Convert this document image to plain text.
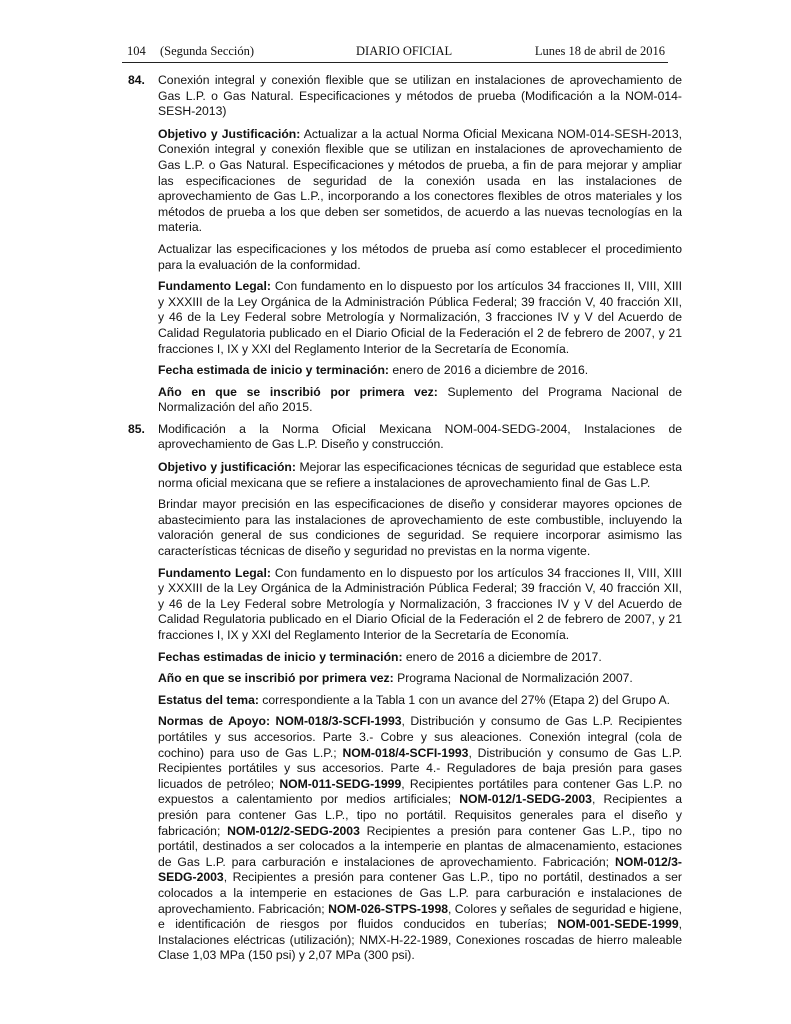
104 (Segunda Sección)	DIARIO OFICIAL	Lunes 18 de abril de 2016
84. Conexión integral y conexión flexible que se utilizan en instalaciones de aprovechamiento de Gas L.P. o Gas Natural. Especificaciones y métodos de prueba (Modificación a la NOM-014-SESH-2013)

Objetivo y Justificación: Actualizar a la actual Norma Oficial Mexicana NOM-014-SESH-2013, Conexión integral y conexión flexible que se utilizan en instalaciones de aprovechamiento de Gas L.P. o Gas Natural. Especificaciones y métodos de prueba, a fin de para mejorar y ampliar las especificaciones de seguridad de la conexión usada en las instalaciones de aprovechamiento de Gas L.P., incorporando a los conectores flexibles de otros materiales y los métodos de prueba a los que deben ser sometidos, de acuerdo a las nuevas tecnologías en la materia.

Actualizar las especificaciones y los métodos de prueba así como establecer el procedimiento para la evaluación de la conformidad.

Fundamento Legal: Con fundamento en lo dispuesto por los artículos 34 fracciones II, VIII, XIII y XXXIII de la Ley Orgánica de la Administración Pública Federal; 39 fracción V, 40 fracción XII, y 46 de la Ley Federal sobre Metrología y Normalización, 3 fracciones IV y V del Acuerdo de Calidad Regulatoria publicado en el Diario Oficial de la Federación el 2 de febrero de 2007, y 21 fracciones I, IX y XXI del Reglamento Interior de la Secretaría de Economía.

Fecha estimada de inicio y terminación: enero de 2016 a diciembre de 2016.

Año en que se inscribió por primera vez: Suplemento del Programa Nacional de Normalización del año 2015.

85. Modificación a la Norma Oficial Mexicana NOM-004-SEDG-2004, Instalaciones de aprovechamiento de Gas L.P. Diseño y construcción.

Objetivo y justificación: Mejorar las especificaciones técnicas de seguridad que establece esta norma oficial mexicana que se refiere a instalaciones de aprovechamiento final de Gas L.P.

Brindar mayor precisión en las especificaciones de diseño y considerar mayores opciones de abastecimiento para las instalaciones de aprovechamiento de este combustible, incluyendo la valoración general de sus condiciones de seguridad. Se requiere incorporar asimismo las características técnicas de diseño y seguridad no previstas en la norma vigente.

Fundamento Legal: Con fundamento en lo dispuesto por los artículos 34 fracciones II, VIII, XIII y XXXIII de la Ley Orgánica de la Administración Pública Federal; 39 fracción V, 40 fracción XII, y 46 de la Ley Federal sobre Metrología y Normalización, 3 fracciones IV y V del Acuerdo de Calidad Regulatoria publicado en el Diario Oficial de la Federación el 2 de febrero de 2007, y 21 fracciones I, IX y XXI del Reglamento Interior de la Secretaría de Economía.

Fechas estimadas de inicio y terminación: enero de 2016 a diciembre de 2017.

Año en que se inscribió por primera vez: Programa Nacional de Normalización 2007.

Estatus del tema: correspondiente a la Tabla 1 con un avance del 27% (Etapa 2) del Grupo A.

Normas de Apoyo: NOM-018/3-SCFI-1993, Distribución y consumo de Gas L.P. Recipientes portátiles y sus accesorios. Parte 3.- Cobre y sus aleaciones. Conexión integral (cola de cochino) para uso de Gas L.P.; NOM-018/4-SCFI-1993, Distribución y consumo de Gas L.P. Recipientes portátiles y sus accesorios. Parte 4.- Reguladores de baja presión para gases licuados de petróleo; NOM-011-SEDG-1999, Recipientes portátiles para contener Gas L.P. no expuestos a calentamiento por medios artificiales; NOM-012/1-SEDG-2003, Recipientes a presión para contener Gas L.P., tipo no portátil. Requisitos generales para el diseño y fabricación; NOM-012/2-SEDG-2003 Recipientes a presión para contener Gas L.P., tipo no portátil, destinados a ser colocados a la intemperie en plantas de almacenamiento, estaciones de Gas L.P. para carburación e instalaciones de aprovechamiento. Fabricación; NOM-012/3-SEDG-2003, Recipientes a presión para contener Gas L.P., tipo no portátil, destinados a ser colocados a la intemperie en estaciones de Gas L.P. para carburación e instalaciones de aprovechamiento. Fabricación; NOM-026-STPS-1998, Colores y señales de seguridad e higiene, e identificación de riesgos por fluidos conducidos en tuberías; NOM-001-SEDE-1999, Instalaciones eléctricas (utilización); NMX-H-22-1989, Conexiones roscadas de hierro maleable Clase 1,03 MPa (150 psi) y 2,07 MPa (300 psi).
